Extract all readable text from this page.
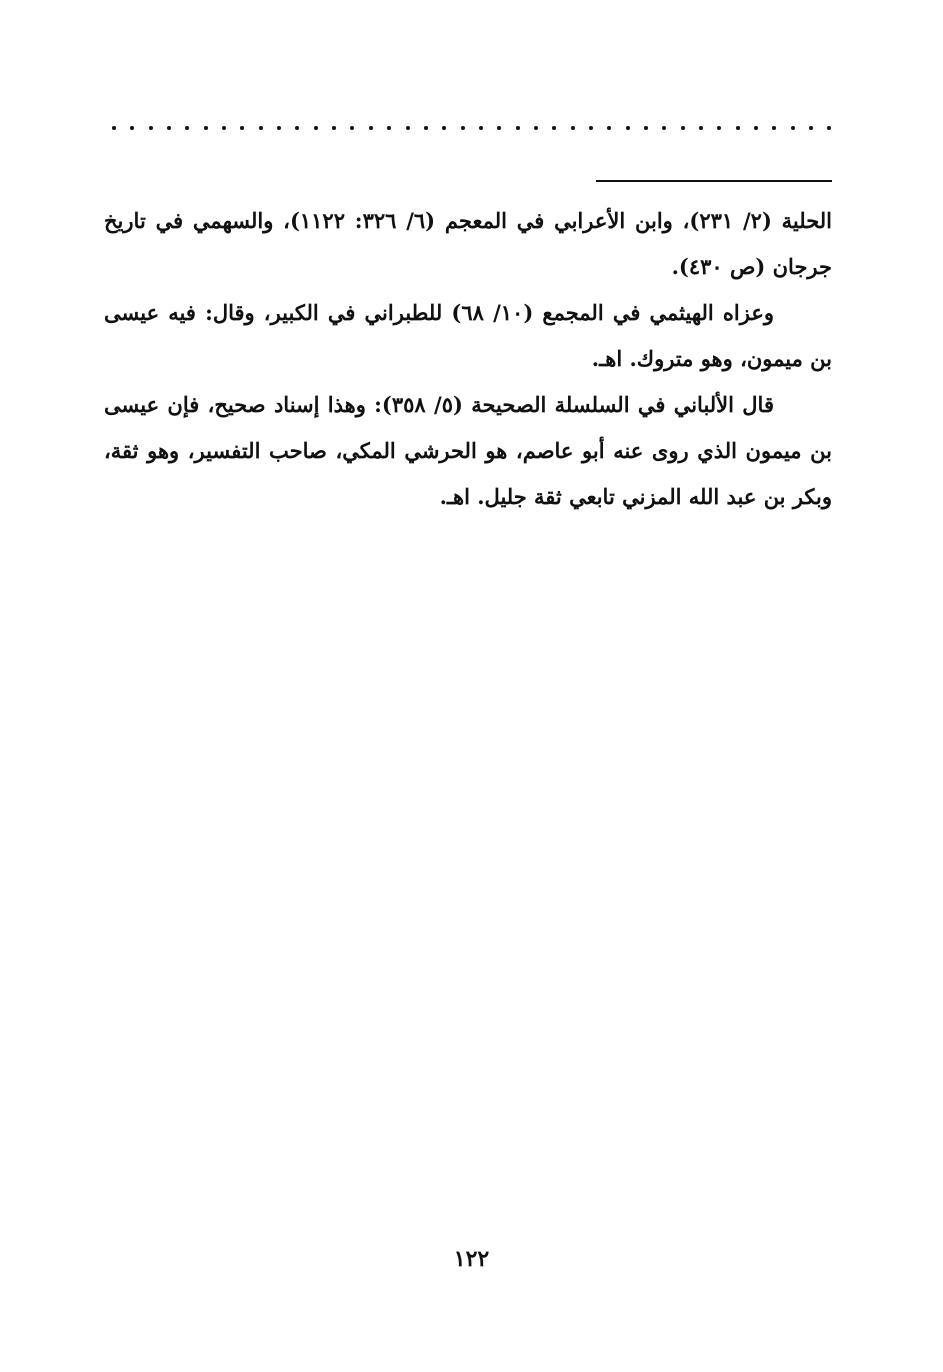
الحلية (٢/ ٢٣١)، وابن الأعرابي في المعجم (٦/ ٣٢٦: ١١٢٢)، والسهمي في تاريخ جرجان (ص ٤٣٠).

وعزاه الهيثمي في المجمع (١٠/ ٦٨) للطبراني في الكبير، وقال: فيه عيسى بن ميمون، وهو متروك. اهـ.

قال الألباني في السلسلة الصحيحة (٥/ ٣٥٨): وهذا إسناد صحيح، فإن عيسى بن ميمون الذي روى عنه أبو عاصم، هو الحرشي المكي، صاحب التفسير، وهو ثقة، وبكر بن عبد الله المزني تابعي ثقة جليل. اهـ.

١٢٢
